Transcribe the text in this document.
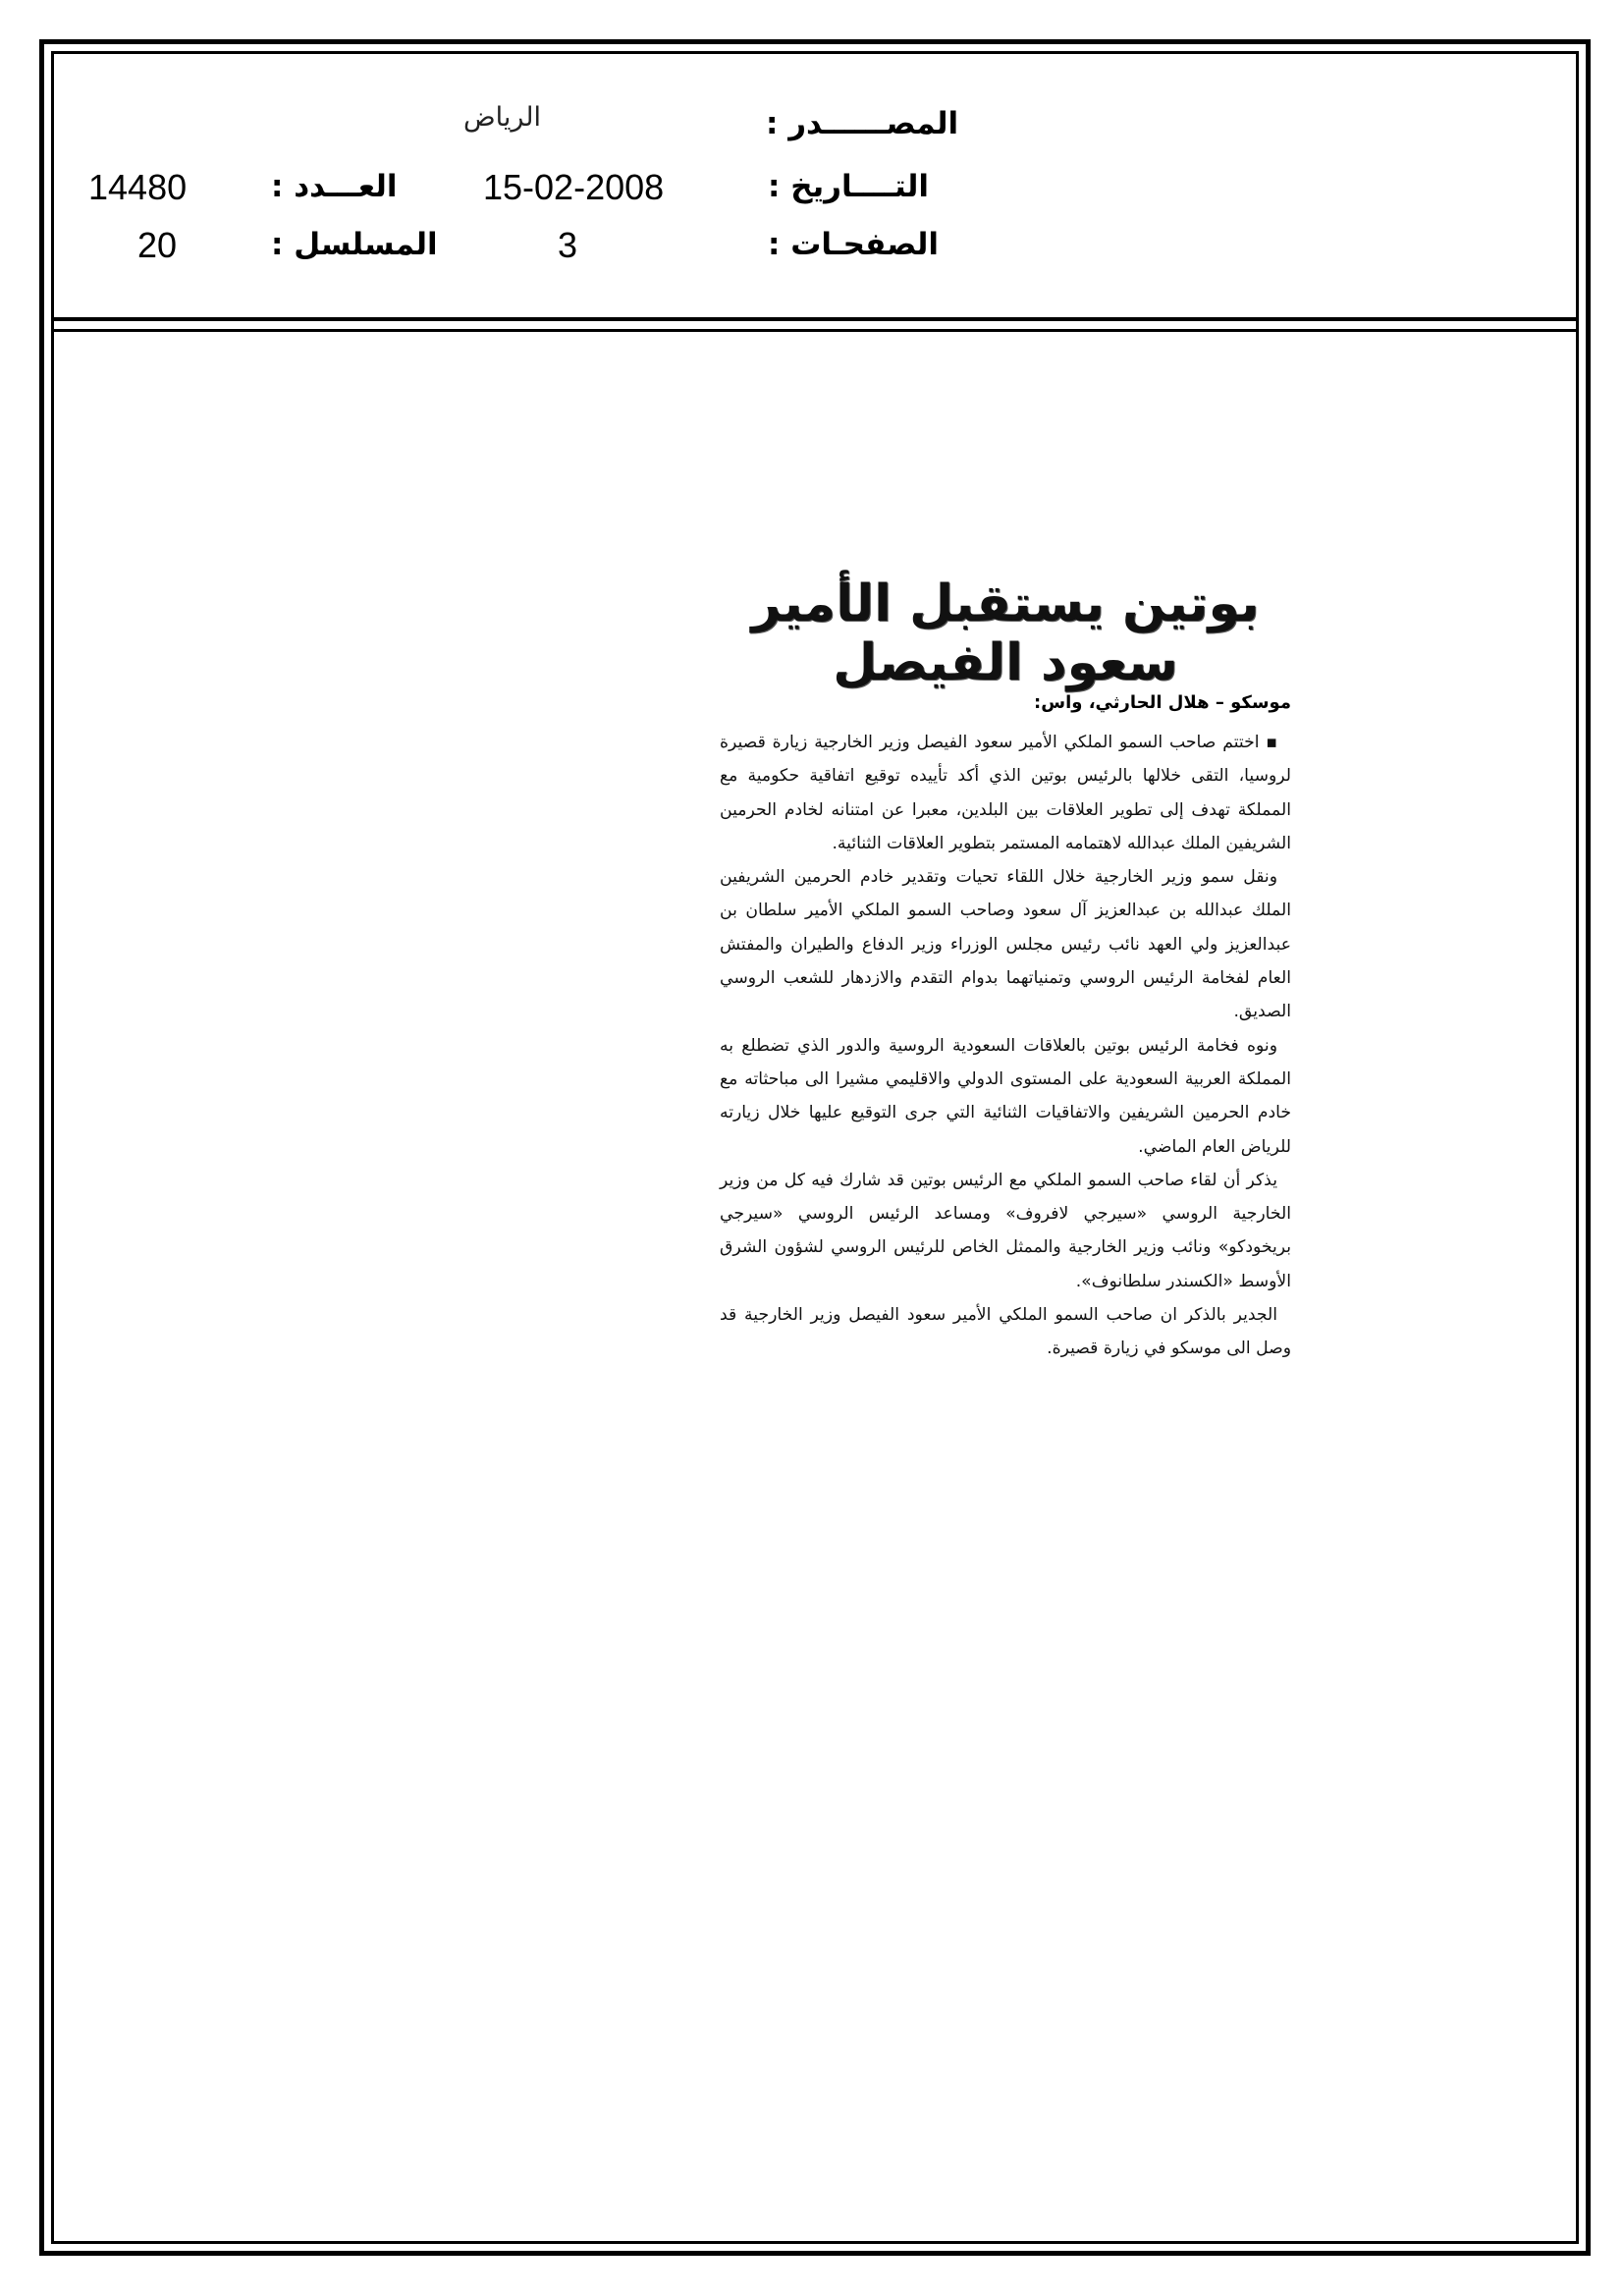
المصــــــدر :
الرياض
التــــاريخ :
15-02-2008
العـــدد :
14480
الصفحـات :
3
المسلسل :
20
بوتين يستقبل الأمير سعود الفيصل
موسكو – هلال الحارثي، واس:

▪ اختتم صاحب السمو الملكي الأمير سعود الفيصل وزير الخارجية زيارة قصيرة لروسيا، التقى خلالها بالرئيس بوتين الذي أكد تأييده توقيع اتفاقية حكومية مع المملكة تهدف إلى تطوير العلاقات بين البلدين، معبرا عن امتنانه لخادم الحرمين الشريفين الملك عبدالله لاهتمامه المستمر بتطوير العلاقات الثنائية.

ونقل سمو وزير الخارجية خلال اللقاء تحيات وتقدير خادم الحرمين الشريفين الملك عبدالله بن عبدالعزيز آل سعود وصاحب السمو الملكي الأمير سلطان بن عبدالعزيز ولي العهد نائب رئيس مجلس الوزراء وزير الدفاع والطيران والمفتش العام لفخامة الرئيس الروسي وتمنياتهما بدوام التقدم والازدهار للشعب الروسي الصديق.

ونوه فخامة الرئيس بوتين بالعلاقات السعودية الروسية والدور الذي تضطلع به المملكة العربية السعودية على المستوى الدولي والاقليمي مشيرا الى مباحثاته مع خادم الحرمين الشريفين والاتفاقيات الثنائية التي جرى التوقيع عليها خلال زيارته للرياض العام الماضي.

يذكر أن لقاء صاحب السمو الملكي مع الرئيس بوتين قد شارك فيه كل من وزير الخارجية الروسي «سيرجي لافروف» ومساعد الرئيس الروسي «سيرجي بريخودكو» ونائب وزير الخارجية والممثل الخاص للرئيس الروسي لشؤون الشرق الأوسط «الكسندر سلطانوف».

الجدير بالذكر ان صاحب السمو الملكي الأمير سعود الفيصل وزير الخارجية قد وصل الى موسكو في زيارة قصيرة.
